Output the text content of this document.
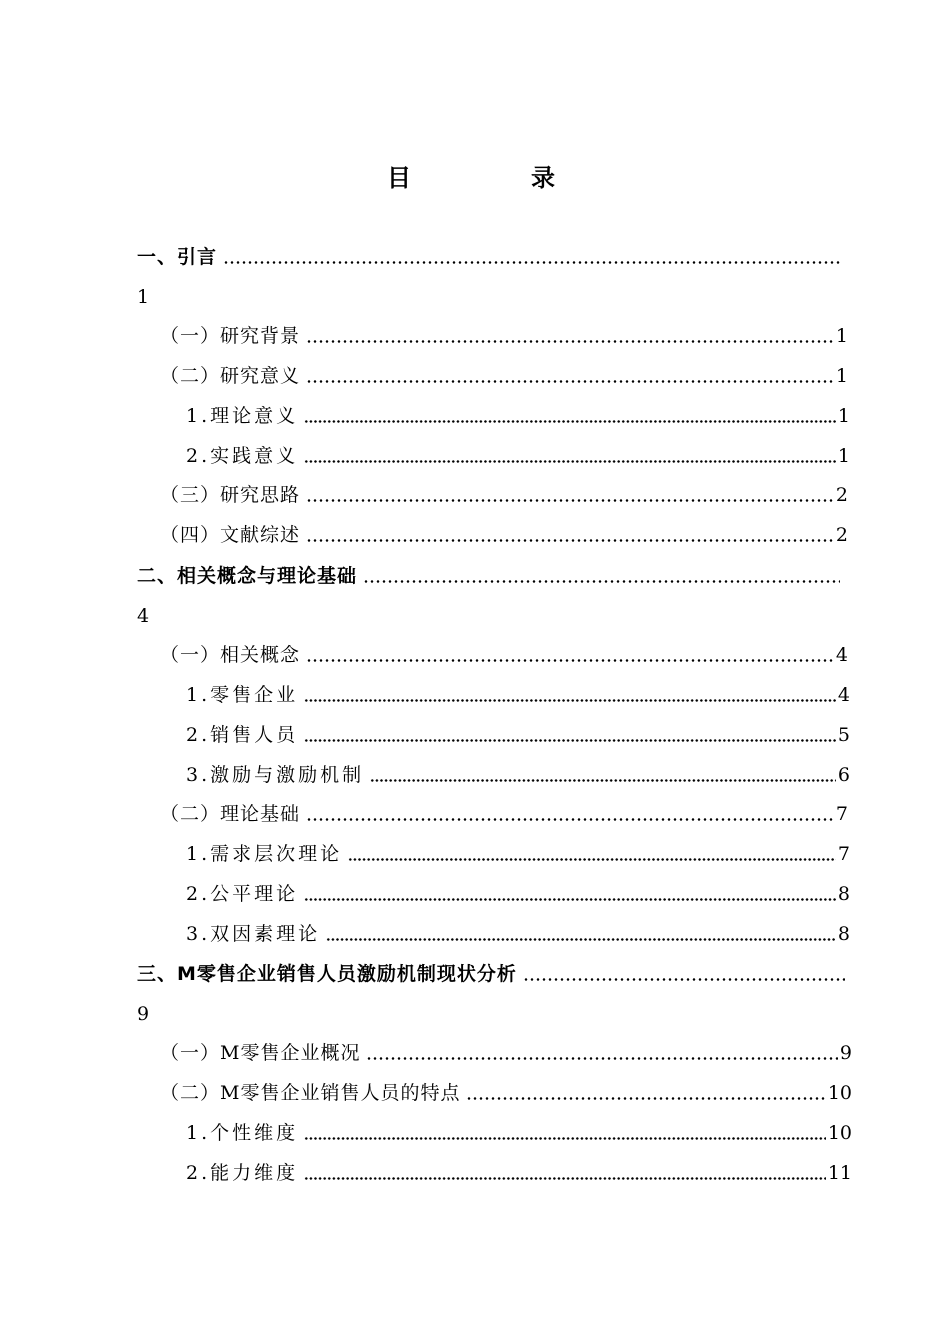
目　录
一、引言
1
（一）研究背景	1
（二）研究意义	1
1.理论意义	1
2.实践意义	1
（三）研究思路	2
（四）文献综述	2
二、相关概念与理论基础
4
（一）相关概念	4
1.零售企业	4
2.销售人员	5
3.激励与激励机制	6
（二）理论基础	7
1.需求层次理论	7
2.公平理论	8
3.双因素理论	8
三、M零售企业销售人员激励机制现状分析
9
（一）M零售企业概况	9
（二）M零售企业销售人员的特点	10
1.个性维度	10
2.能力维度	11
